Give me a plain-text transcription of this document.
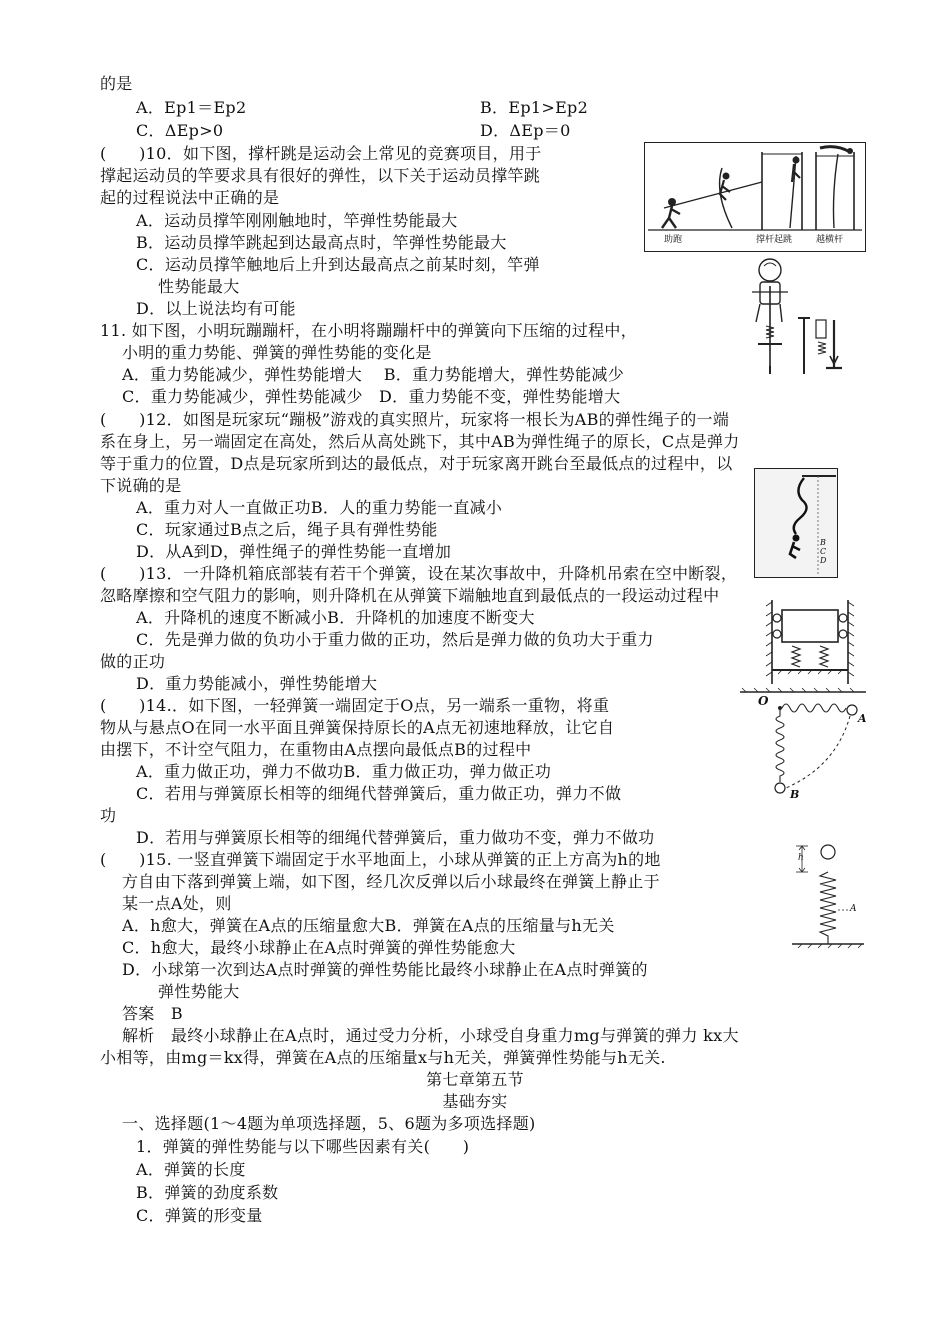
的是
A．Ep1＝Ep2	B．Ep1>Ep2
C．ΔEp>0	D．ΔEp＝0
(　　)10．如下图，撑杆跳是运动会上常见的竞赛项目，用于
撑起运动员的竿要求具有很好的弹性，以下关于运动员撑竿跳
起的过程说法中正确的是
A．运动员撑竿刚刚触地时，竿弹性势能最大
B．运动员撑竿跳起到达最高点时，竿弹性势能最大
C．运动员撑竿触地后上升到达最高点之前某时刻，竿弹
性势能最大
D．以上说法均有可能
助跑	撑杆起跳	越横杆
11. 如下图，小明玩蹦蹦杆，在小明将蹦蹦杆中的弹簧向下压缩的过程中，
小明的重力势能、弹簧的弹性势能的变化是
A．重力势能减少，弹性势能增大　 B．重力势能增大，弹性势能减少
C．重力势能减少，弹性势能减少　D．重力势能不变，弹性势能增大
(　　)12．如图是玩家玩“蹦极”游戏的真实照片，玩家将一根长为AB的弹性绳子的一端
系在身上，另一端固定在高处，然后从高处跳下，其中AB为弹性绳子的原长，C点是弹力
等于重力的位置，D点是玩家所到达的最低点，对于玩家离开跳台至最低点的过程中，以
下说确的是
A．重力对人一直做正功B．人的重力势能一直减小
C．玩家通过B点之后，绳子具有弹性势能
D．从A到D，弹性绳子的弹性势能一直增加	B
C
D
(　　)13．一升降机箱底部装有若干个弹簧，设在某次事故中，升降机吊索在空中断裂，
忽略摩擦和空气阻力的影响，则升降机在从弹簧下端触地直到最低点的一段运动过程中
A．升降机的速度不断减小B．升降机的加速度不断变大
C．先是弹力做的负功小于重力做的正功，然后是弹力做的负功大于重力
做的正功
D．重力势能减小，弹性势能增大
(　　)14.．如下图，一轻弹簧一端固定于O点，另一端系一重物，将重
物从与悬点O在同一水平面且弹簧保持原长的A点无初速地释放，让它自
由摆下，不计空气阻力，在重物由A点摆向最低点B的过程中
A．重力做正功，弹力不做功B．重力做正功，弹力做正功
C．若用与弹簧原长相等的细绳代替弹簧后，重力做正功，弹力不做
功
D．若用与弹簧原长相等的细绳代替弹簧后，重力做功不变，弹力不做功
O
A
B
(　　)15. 一竖直弹簧下端固定于水平地面上，小球从弹簧的正上方高为h的地
方自由下落到弹簧上端，如下图，经几次反弹以后小球最终在弹簧上静止于
某一点A处，则
A．h愈大，弹簧在A点的压缩量愈大B．弹簧在A点的压缩量与h无关
C．h愈大，最终小球静止在A点时弹簧的弹性势能愈大
D．小球第一次到达A点时弹簧的弹性势能比最终小球静止在A点时弹簧的
弹性势能大
答案　B
解析　最终小球静止在A点时，通过受力分析，小球受自身重力mg与弹簧的弹力 kx大
小相等，由mg＝kx得，弹簧在A点的压缩量x与h无关，弹簧弹性势能与h无关.
h
A
第七章第五节
基础夯实
一、选择题(1～4题为单项选择题，5、6题为多项选择题)
1．弹簧的弹性势能与以下哪些因素有关(　　)
A．弹簧的长度
B．弹簧的劲度系数
C．弹簧的形变量
